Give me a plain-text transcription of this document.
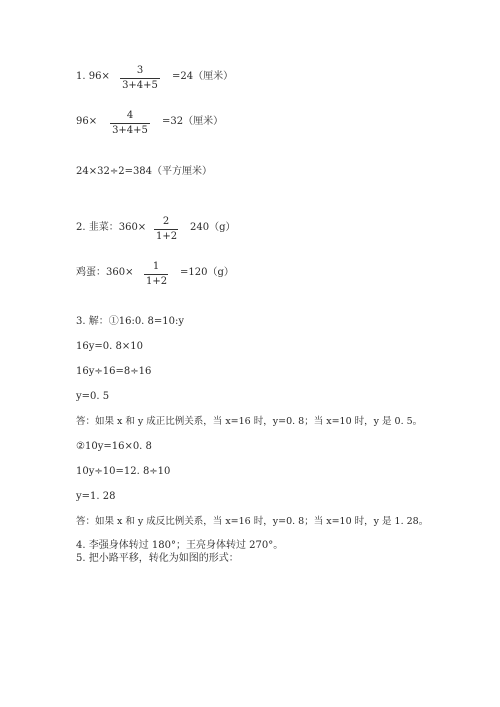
1. 96×
3
3+4+5
=24（厘米）
96×
4
3+4+5
=32（厘米）
24×32÷2=384（平方厘米）
2. 韭菜：360×
2
1+2
240（g）
鸡蛋：360×
1
1+2
=120（g）
3. 解：①16:0. 8=10:y
16y=0. 8×10
16y÷16=8÷16
y=0. 5
答：如果 x 和 y 成正比例关系，当 x=16 时，y=0. 8；当 x=10 时，y 是 0. 5。
②10y=16×0. 8
10y÷10=12. 8÷10
y=1. 28
答：如果 x 和 y 成反比例关系，当 x=16 时，y=0. 8；当 x=10 时，y 是 1. 28。
4. 李强身体转过 180°；王亮身体转过 270°。
5. 把小路平移，转化为如图的形式：
